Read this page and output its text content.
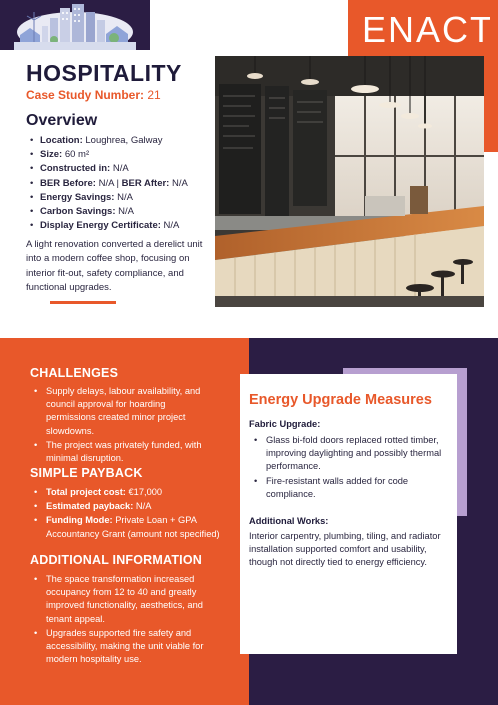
ENACT
HOSPITALITY
Case Study Number: 21
Overview
• Location: Loughrea, Galway
• Size: 60 m²
• Constructed in: N/A
• BER Before: N/A | BER After: N/A
• Energy Savings: N/A
• Carbon Savings: N/A
• Display Energy Certificate: N/A

A light renovation converted a derelict unit into a modern coffee shop, focusing on interior fit-out, safety compliance, and functional upgrades.

CHALLENGES
• Supply delays, labour availability, and council approval for hoarding permissions created minor project slowdowns.
• The project was privately funded, with minimal disruption.
SIMPLE PAYBACK
• Total project cost: €17,000
• Estimated payback: N/A
• Funding Mode: Private Loan + GPA Accountancy Grant (amount not specified)
ADDITIONAL INFORMATION
• The space transformation increased occupancy from 12 to 40 and greatly improved functionality, aesthetics, and tenant appeal.
• Upgrades supported fire safety and accessibility, making the unit viable for modern hospitality use.
Energy Upgrade Measures
Fabric Upgrade:
• Glass bi-fold doors replaced rotted timber, improving daylighting and possibly thermal performance.
• Fire-resistant walls added for code compliance.
Additional Works:

Interior carpentry, plumbing, tiling, and radiator installation supported comfort and usability, though not directly tied to energy efficiency.
